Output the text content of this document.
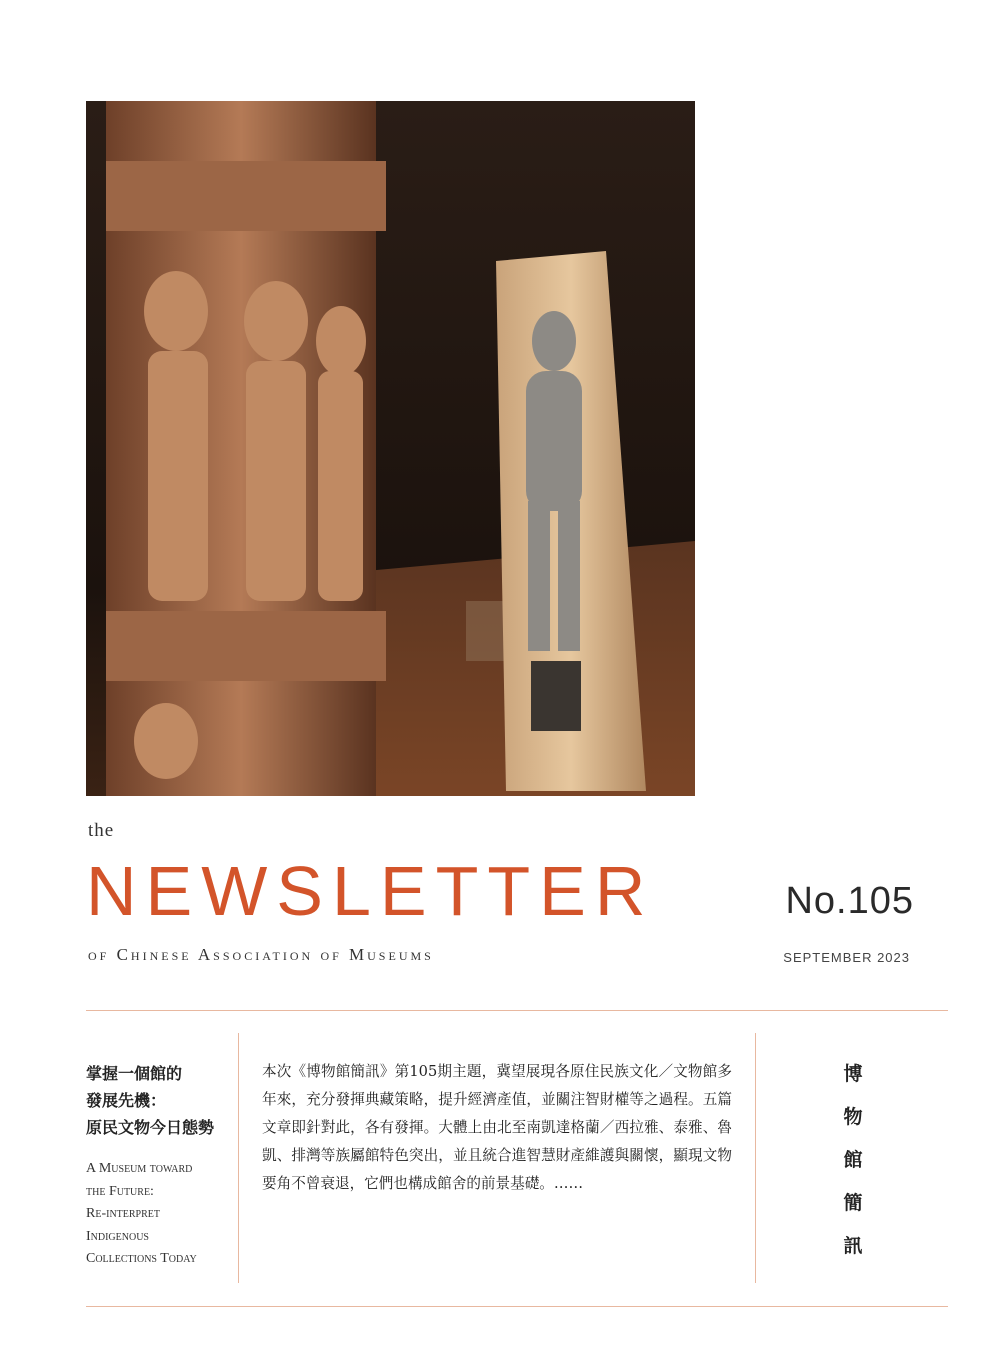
the
NEWSLETTER
of Chinese Association of Museums
No.105
SEPTEMBER 2023
掌握一個館的
發展先機：
原民文物今日態勢
A Museum toward
the Future:
Re-interpret
Indigenous
Collections Today
本次《博物館簡訊》第105期主題，冀望展現各原住民族文化／文物館多年來，充分發揮典藏策略，提升經濟產值，並關注智財權等之過程。五篇文章即針對此，各有發揮。大體上由北至南凱達格蘭／西拉雅、泰雅、魯凱、排灣等族屬館特色突出，並且統合進智慧財產維護與關懷，顯現文物要角不曾衰退，它們也構成館舍的前景基礎。……
博
物
館
簡
訊
